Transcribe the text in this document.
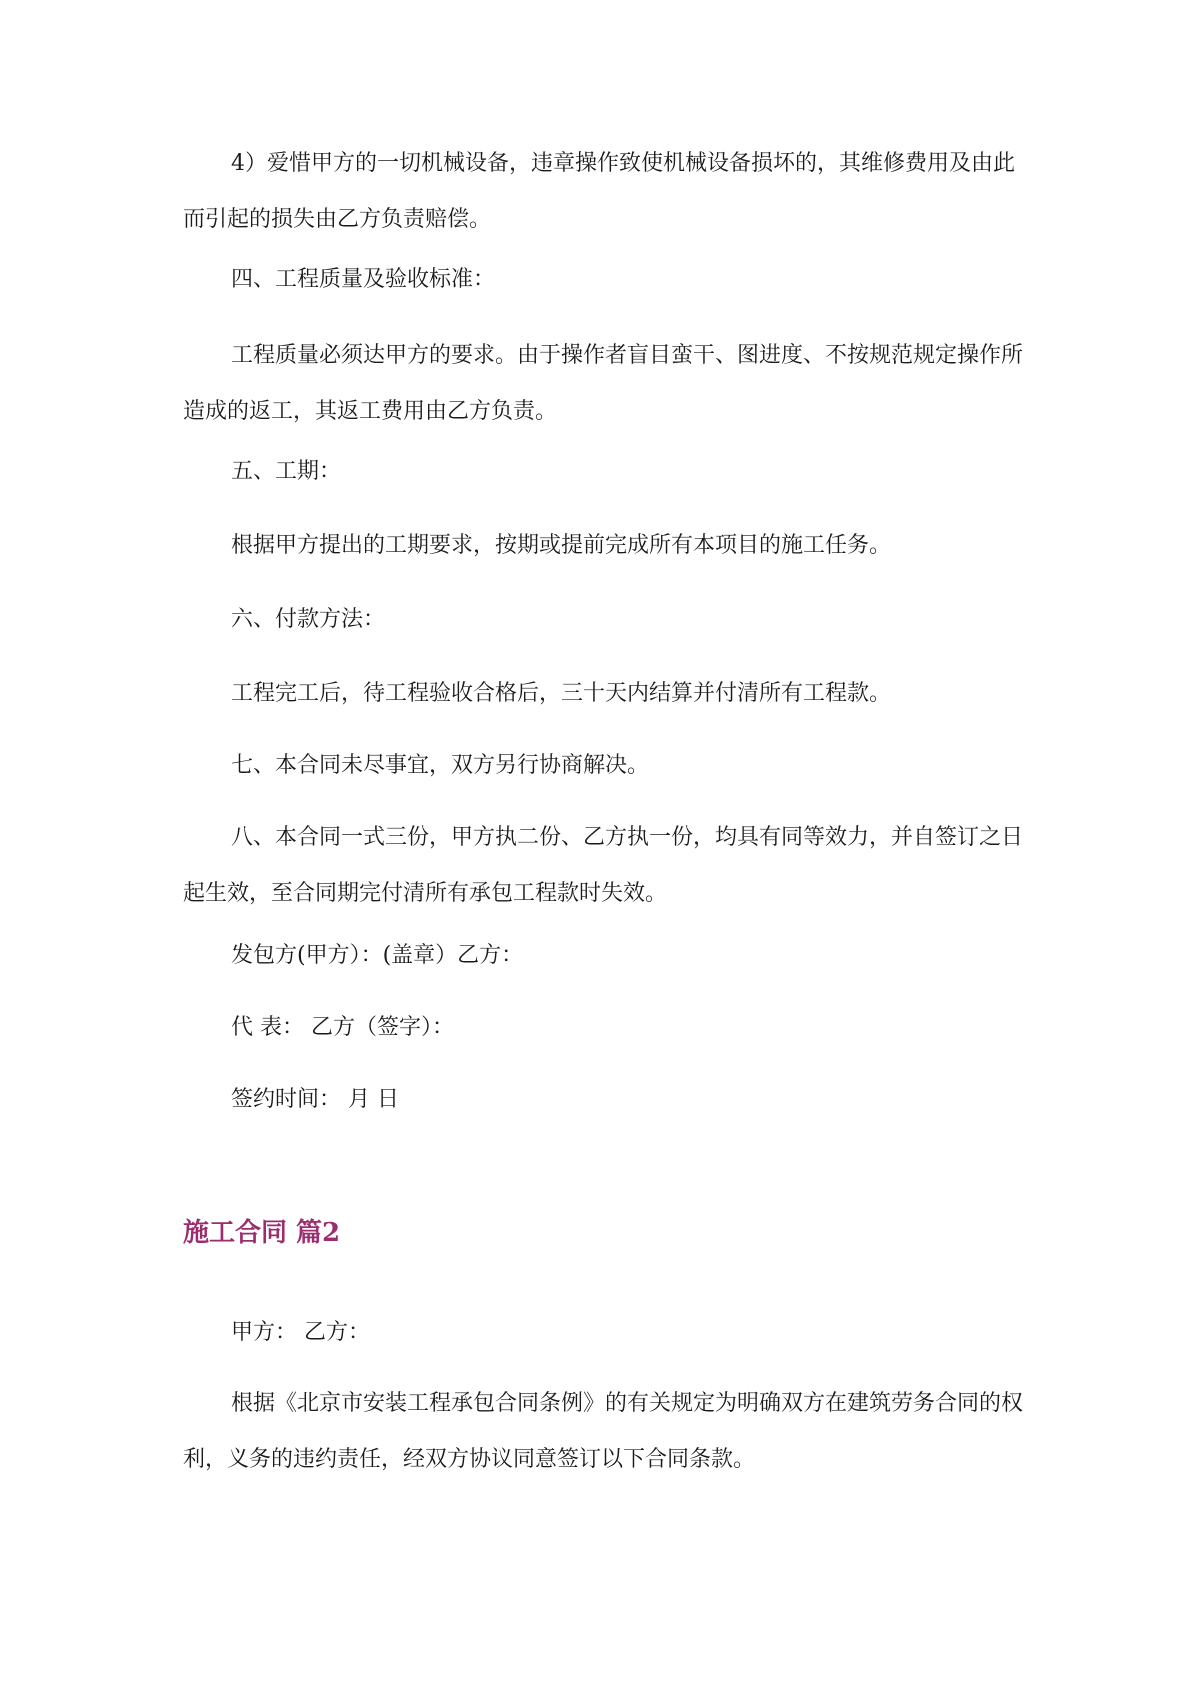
4）爱惜甲方的一切机械设备，违章操作致使机械设备损坏的，其维修费用及由此而引起的损失由乙方负责赔偿。

四、工程质量及验收标准：

工程质量必须达甲方的要求。由于操作者盲目蛮干、图进度、不按规范规定操作所造成的返工，其返工费用由乙方负责。

五、工期：

根据甲方提出的工期要求，按期或提前完成所有本项目的施工任务。

六、付款方法：

工程完工后，待工程验收合格后，三十天内结算并付清所有工程款。

七、本合同未尽事宜，双方另行协商解决。

八、本合同一式三份，甲方执二份、乙方执一份，均具有同等效力，并自签订之日起生效，至合同期完付清所有承包工程款时失效。

发包方(甲方）：(盖章）乙方：

代 表： 乙方（签字）：

签约时间： 月 日

施工合同 篇2

甲方： 乙方：

根据《北京市安装工程承包合同条例》的有关规定为明确双方在建筑劳务合同的权利，义务的违约责任，经双方协议同意签订以下合同条款。
